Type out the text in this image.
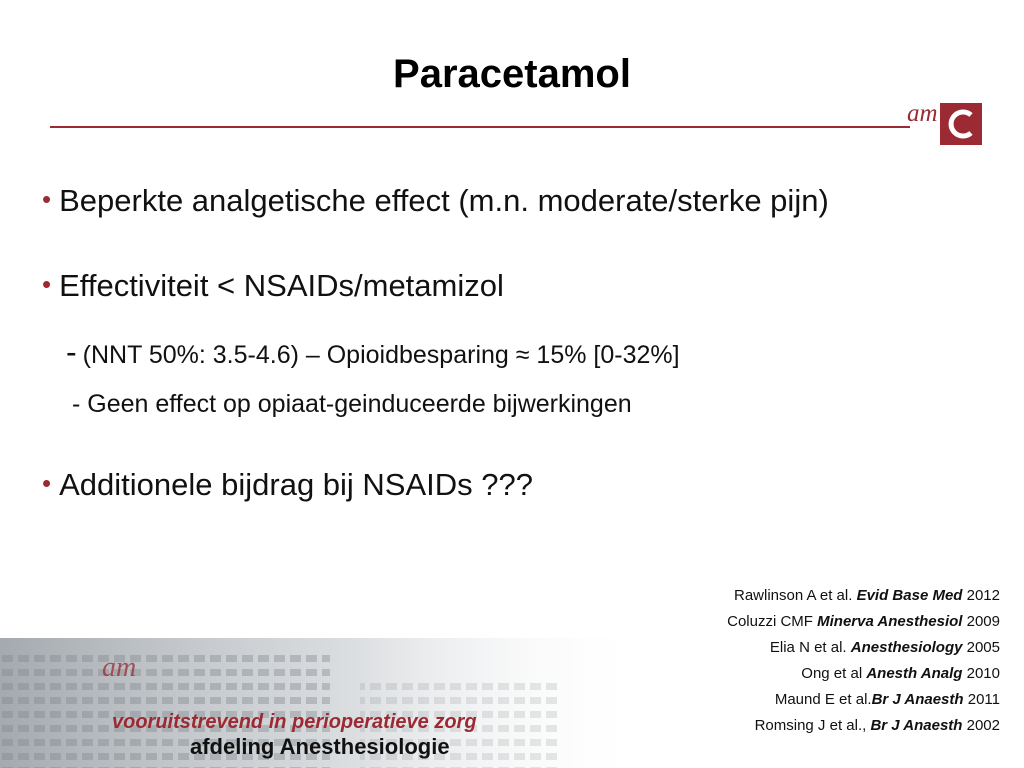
Paracetamol
am
• Beperkte analgetische effect (m.n. moderate/sterke pijn)
• Effectiviteit < NSAIDs/metamizol
- (NNT 50%: 3.5-4.6) – Opioidbesparing ≈ 15% [0-32%]
- Geen effect op opiaat-geinduceerde bijwerkingen
• Additionele bijdrag bij NSAIDs ???
Rawlinson A et al. Evid Base Med 2012
Coluzzi CMF Minerva Anesthesiol 2009
Elia N et al. Anesthesiology 2005
Ong et al Anesth Analg 2010
Maund E et al.Br J Anaesth 2011
Romsing J et al., Br J Anaesth 2002
am
vooruitstrevend in perioperatieve zorg
afdeling Anesthesiologie
